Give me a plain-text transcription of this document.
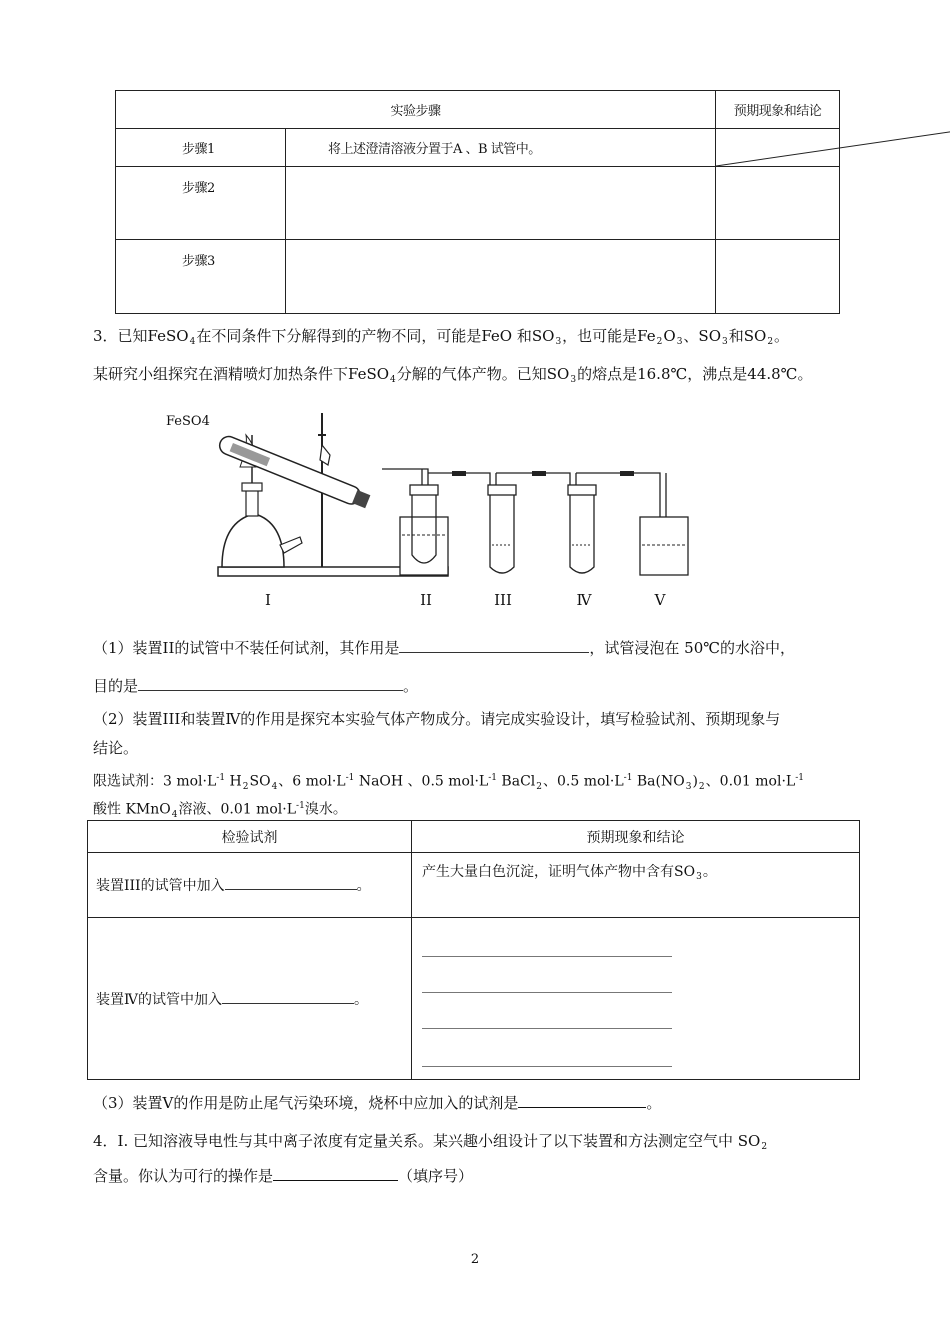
实验步骤		预期现象和结论
步骤1	将上述澄清溶液分置于A 、B 试管中。	

步骤2		
步骤3		
3．已知FeSO$_4$在不同条件下分解得到的产物不同，可能是FeO 和$SO_3$，也可能是$Fe_2O_3$、$SO_3$和$SO_2$。
某研究小组探究在酒精喷灯加热条件下FeSO$_4$分解的气体产物。已知$SO_3$的熔点是16.8℃，沸点是44.8℃。
FeSO4
I	II	III	Ⅳ	V
（1）装置II的试管中不装任何试剂，其作用是	，试管浸泡在 50℃的水浴中，
目的是	。
（2）装置III和装置Ⅳ的作用是探究本实验气体产物成分。请完成实验设计，填写检验试剂、预期现象与
结论。
限选试剂：3 $mol\cdot L^{-1}$ $H_2SO_4$、6 $mol\cdot L^{-1}$ NaOH 、0.5 $mol\cdot L^{-1}$ BaCl$_2$、0.5 $mol\cdot L^{-1}$ $Ba(NO_3)_2$、0.01 $mol\cdot L^{-1}$
酸性 KMnO$_4$溶液、0.01 $mol\cdot L^{-1}$溴水。
检验试剂	预期现象和结论
装置III的试管中加入 。	产生大量白色沉淀，证明气体产物中含有$SO_3$。
装置Ⅳ的试管中加入 。	
（3）装置V的作用是防止尾气污染环境，烧杯中应加入的试剂是	。
4．Ⅰ. 已知溶液导电性与其中离子浓度有定量关系。某兴趣小组设计了以下装置和方法测定空气中 $SO_2$
含量。你认为可行的操作是	（填序号）
2
